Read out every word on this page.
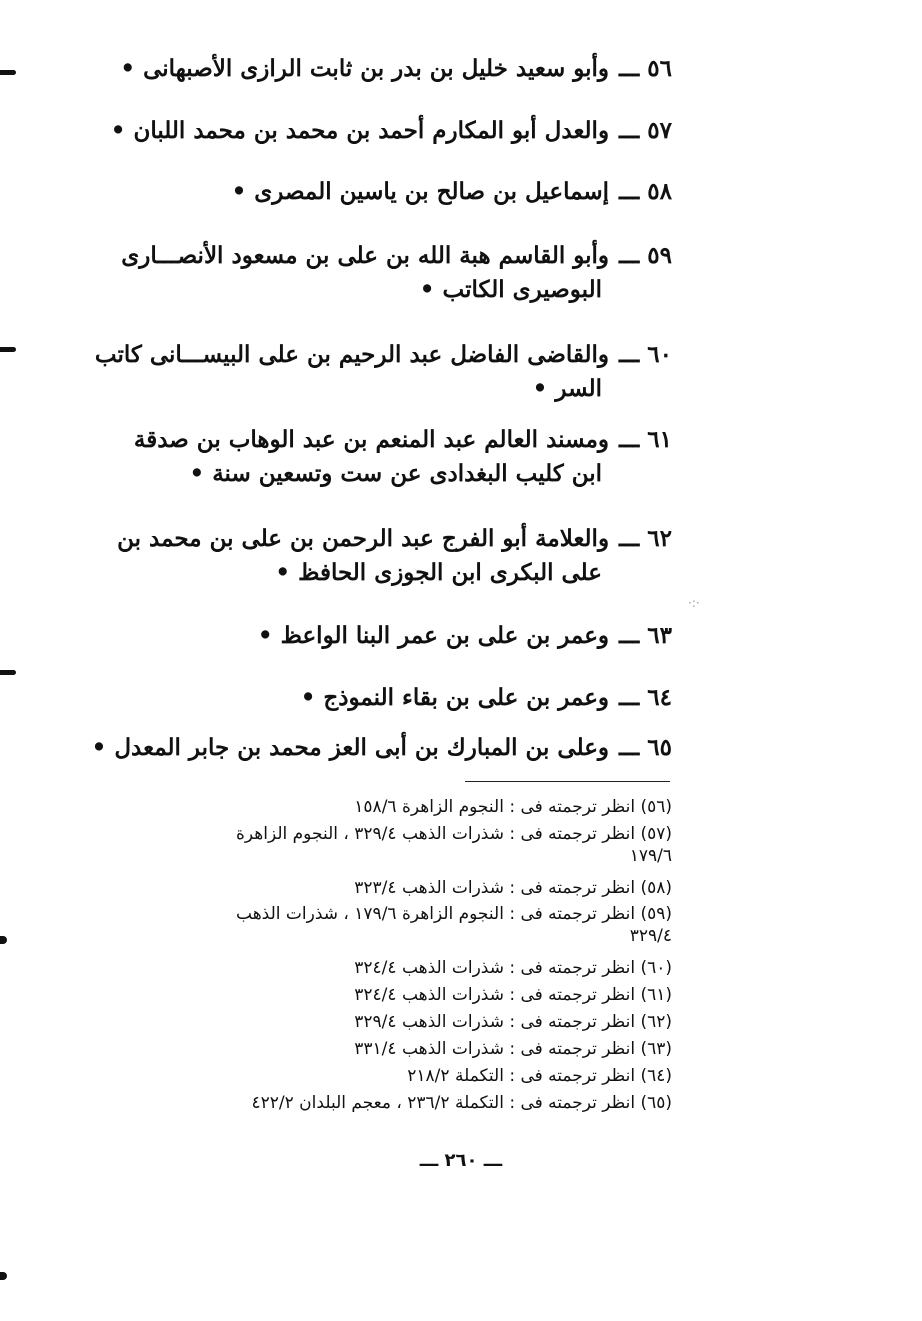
·:·
٥٦ ـــوأبو سعيد خليل بن بدر بن ثابت الرازى الأصبهانى •
٥٧ ـــوالعدل أبو المكارم أحمد بن محمد بن محمد اللبان •
٥٨ ـــإسماعيل بن صالح بن ياسين المصرى •
٥٩ ـــوأبو القاسم هبة الله بن على بن مسعود الأنصـــارى
البوصيرى الكاتب •
٦٠ ـــوالقاضى الفاضل عبد الرحيم بن على البيســـانى كاتب
السر •
٦١ ـــومسند العالم عبد المنعم بن عبد الوهاب بن صدقة
ابن كليب البغدادى عن ست وتسعين سنة •
٦٢ ـــوالعلامة أبو الفرج عبد الرحمن بن على بن محمد بن
على البكرى ابن الجوزى الحافظ •
٦٣ ـــوعمر بن على بن عمر البنا الواعظ •
٦٤ ـــوعمر بن على بن بقاء النموذج •
٦٥ ـــوعلى بن المبارك بن أبى العز محمد بن جابر المعدل •
(٥٦) انظر ترجمته فى : النجوم الزاهرة ١٥٨/٦
(٥٧) انظر ترجمته فى : شذرات الذهب ٣٢٩/٤ ، النجوم الزاهرة
١٧٩/٦
(٥٨) انظر ترجمته فى : شذرات الذهب ٣٢٣/٤
(٥٩) انظر ترجمته فى : النجوم الزاهرة ١٧٩/٦ ، شذرات الذهب
٣٢٩/٤
(٦٠) انظر ترجمته فى : شذرات الذهب ٣٢٤/٤
(٦١) انظر ترجمته فى : شذرات الذهب ٣٢٤/٤
(٦٢) انظر ترجمته فى : شذرات الذهب ٣٢٩/٤
(٦٣) انظر ترجمته فى : شذرات الذهب ٣٣١/٤
(٦٤) انظر ترجمته فى : التكملة ٢١٨/٢
(٦٥) انظر ترجمته فى : التكملة ٢٣٦/٢ ، معجم البلدان ٤٢٢/٢
ـــ ٢٦٠ ـــ
